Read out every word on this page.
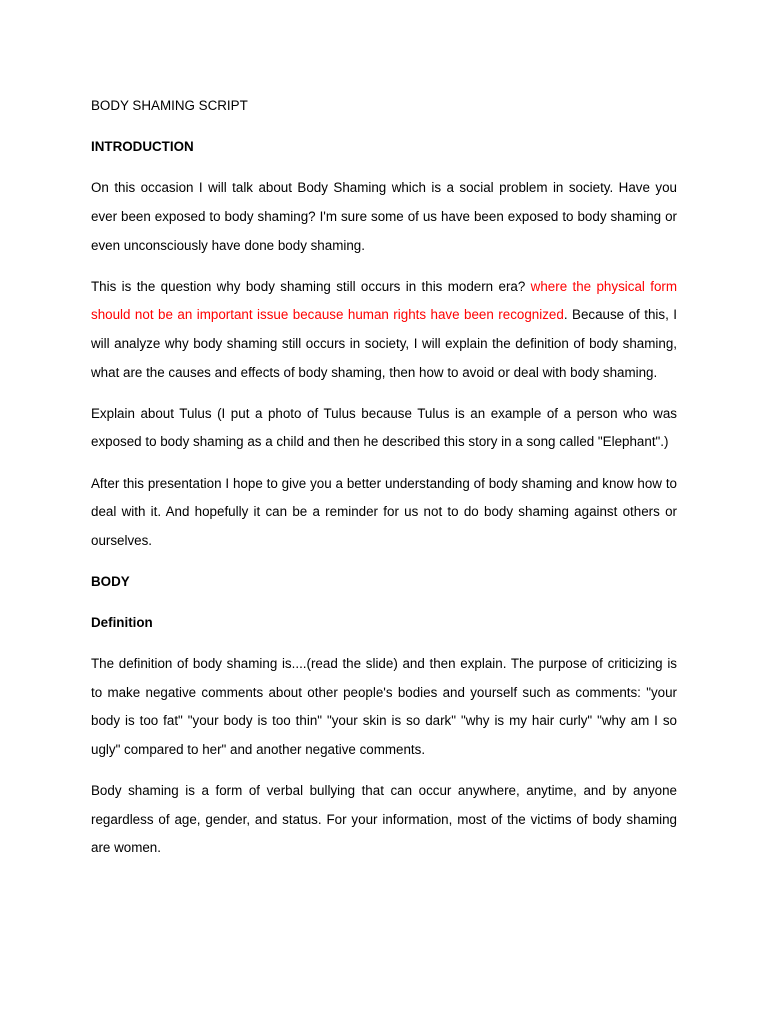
BODY SHAMING SCRIPT
INTRODUCTION
On this occasion I will talk about Body Shaming which is a social problem in society. Have you ever been exposed to body shaming? I'm sure some of us have been exposed to body shaming or even unconsciously have done body shaming.
This is the question why body shaming still occurs in this modern era? where the physical form should not be an important issue because human rights have been recognized. Because of this, I will analyze why body shaming still occurs in society, I will explain the definition of body shaming, what are the causes and effects of body shaming, then how to avoid or deal with body shaming.
Explain about Tulus (I put a photo of Tulus because Tulus is an example of a person who was exposed to body shaming as a child and then he described this story in a song called "Elephant".)
After this presentation I hope to give you a better understanding of body shaming and know how to deal with it. And hopefully it can be a reminder for us not to do body shaming against others or ourselves.
BODY
Definition
The definition of body shaming is....(read the slide) and then explain. The purpose of criticizing is to make negative comments about other people's bodies and yourself such as comments: "your body is too fat" "your body is too thin" "your skin is so dark" "why is my hair curly" "why am I so ugly" compared to her" and another negative comments.
Body shaming is a form of verbal bullying that can occur anywhere, anytime, and by anyone regardless of age, gender, and status. For your information, most of the victims of body shaming are women.
